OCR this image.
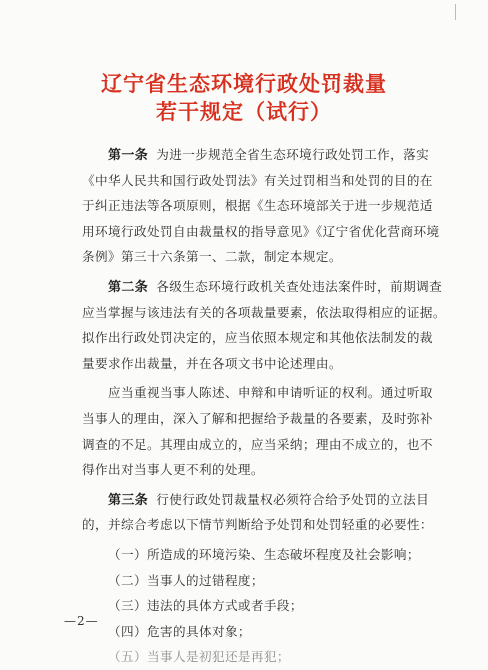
辽宁省生态环境行政处罚裁量
若干规定（试行）
第一条 为进一步规范全省生态环境行政处罚工作，落实
《中华人民共和国行政处罚法》有关过罚相当和处罚的目的在
于纠正违法等各项原则，根据《生态环境部关于进一步规范适
用环境行政处罚自由裁量权的指导意见》《辽宁省优化营商环境
条例》第三十六条第一、二款，制定本规定。
第二条 各级生态环境行政机关查处违法案件时，前期调查
应当掌握与该违法有关的各项裁量要素，依法取得相应的证据。
拟作出行政处罚决定的，应当依照本规定和其他依法制发的裁
量要求作出裁量，并在各项文书中论述理由。
应当重视当事人陈述、申辩和申请听证的权利。通过听取
当事人的理由，深入了解和把握给予裁量的各要素，及时弥补
调查的不足。其理由成立的，应当采纳；理由不成立的，也不
得作出对当事人更不利的处理。
第三条 行使行政处罚裁量权必须符合给予处罚的立法目
的，并综合考虑以下情节判断给予处罚和处罚轻重的必要性：
（一）所造成的环境污染、生态破坏程度及社会影响；
（二）当事人的过错程度；
（三）违法的具体方式或者手段；
（四）危害的具体对象；
（五）当事人是初犯还是再犯；
—2—
